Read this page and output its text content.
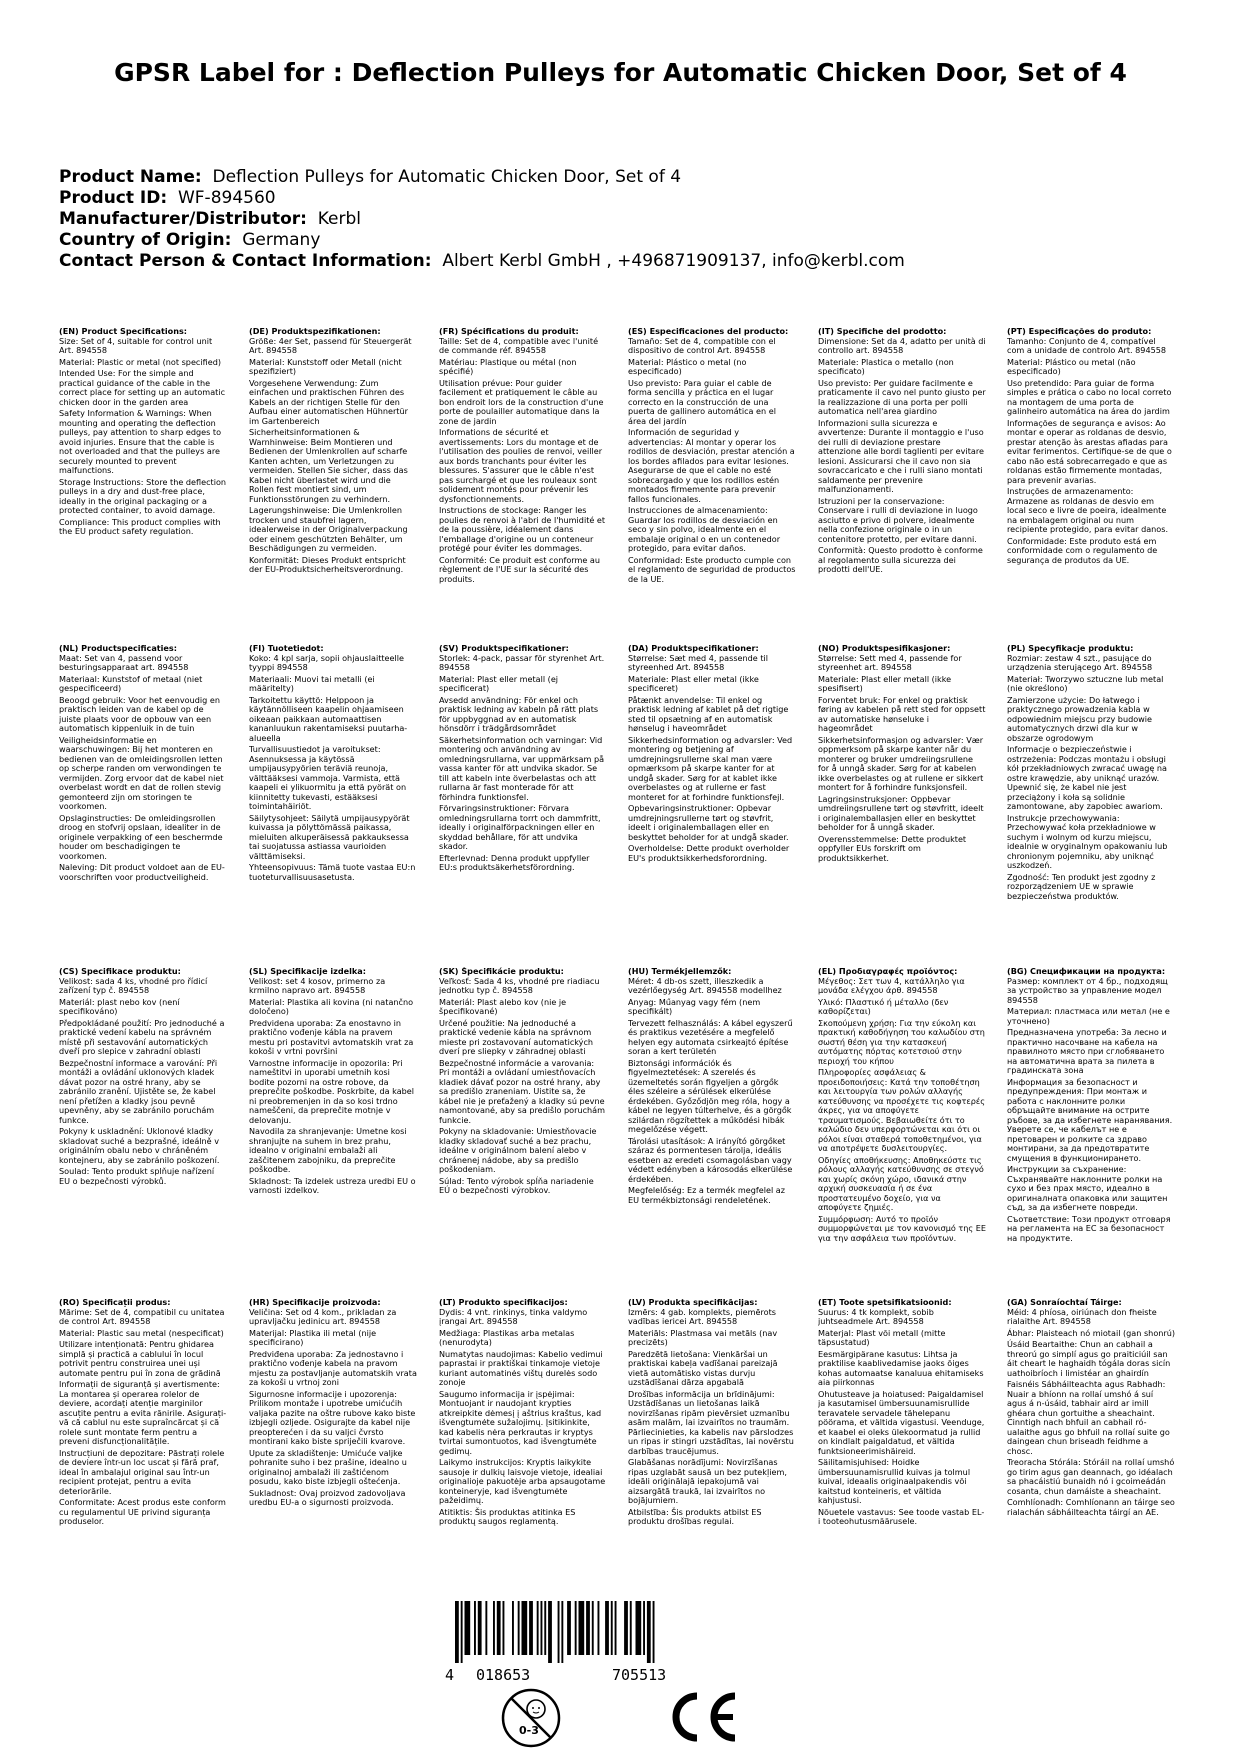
GPSR Label for : Deflection Pulleys for Automatic Chicken Door, Set of 4
Product Name: Deflection Pulleys for Automatic Chicken Door, Set of 4
Product ID: WF-894560
Manufacturer/Distributor: Kerbl
Country of Origin: Germany
Contact Person & Contact Information: Albert Kerbl GmbH , +496871909137, info@kerbl.com
(EN) Product Specifications:

Size: Set of 4, suitable for control unit Art. 894558

Material: Plastic or metal (not specified)

Intended Use: For the simple and practical guidance of the cable in the correct place for setting up an automatic chicken door in the garden area

Safety Information & Warnings: When mounting and operating the deflection pulleys, pay attention to sharp edges to avoid injuries. Ensure that the cable is not overloaded and that the pulleys are securely mounted to prevent malfunctions.

Storage Instructions: Store the deflection pulleys in a dry and dust-free place, ideally in the original packaging or a protected container, to avoid damage.

Compliance: This product complies with the EU product safety regulation.

(DE) Produktspezifikationen:

Größe: 4er Set, passend für Steuergerät Art. 894558

Material: Kunststoff oder Metall (nicht spezifiziert)

Vorgesehene Verwendung: Zum einfachen und praktischen Führen des Kabels an der richtigen Stelle für den Aufbau einer automatischen Hühnertür im Gartenbereich

Sicherheitsinformationen & Warnhinweise: Beim Montieren und Bedienen der Umlenkrollen auf scharfe Kanten achten, um Verletzungen zu vermeiden. Stellen Sie sicher, dass das Kabel nicht überlastet wird und die Rollen fest montiert sind, um Funktionsstörungen zu verhindern.

Lagerungshinweise: Die Umlenkrollen trocken und staubfrei lagern, idealerweise in der Originalverpackung oder einem geschützten Behälter, um Beschädigungen zu vermeiden.

Konformität: Dieses Produkt entspricht der EU-Produktsicherheitsverordnung.

(FR) Spécifications du produit:

Taille: Set de 4, compatible avec l'unité de commande réf. 894558

Matériau: Plastique ou métal (non spécifié)

Utilisation prévue: Pour guider facilement et pratiquement le câble au bon endroit lors de la construction d'une porte de poulailler automatique dans la zone de jardin

Informations de sécurité et avertissements: Lors du montage et de l'utilisation des poulies de renvoi, veiller aux bords tranchants pour éviter les blessures. S'assurer que le câble n'est pas surchargé et que les rouleaux sont solidement montés pour prévenir les dysfonctionnements.

Instructions de stockage: Ranger les poulies de renvoi à l'abri de l'humidité et de la poussière, idéalement dans l'emballage d'origine ou un conteneur protégé pour éviter les dommages.

Conformité: Ce produit est conforme au règlement de l'UE sur la sécurité des produits.

(ES) Especificaciones del producto:

Tamaño: Set de 4, compatible con el dispositivo de control Art. 894558

Material: Plástico o metal (no especificado)

Uso previsto: Para guiar el cable de forma sencilla y práctica en el lugar correcto en la construcción de una puerta de gallinero automática en el área del jardín

Información de seguridad y advertencias: Al montar y operar los rodillos de desviación, prestar atención a los bordes afilados para evitar lesiones. Asegurarse de que el cable no esté sobrecargado y que los rodillos estén montados firmemente para prevenir fallos funcionales.

Instrucciones de almacenamiento: Guardar los rodillos de desviación en seco y sin polvo, idealmente en el embalaje original o en un contenedor protegido, para evitar daños.

Conformidad: Este producto cumple con el reglamento de seguridad de productos de la UE.

(IT) Specifiche del prodotto:

Dimensione: Set da 4, adatto per unità di controllo art. 894558

Materiale: Plastica o metallo (non specificato)

Uso previsto: Per guidare facilmente e praticamente il cavo nel punto giusto per la realizzazione di una porta per polli automatica nell'area giardino

Informazioni sulla sicurezza e avvertenze: Durante il montaggio e l'uso dei rulli di deviazione prestare attenzione alle bordi taglienti per evitare lesioni. Assicurarsi che il cavo non sia sovraccaricato e che i rulli siano montati saldamente per prevenire malfunzionamenti.

Istruzioni per la conservazione: Conservare i rulli di deviazione in luogo asciutto e privo di polvere, idealmente nella confezione originale o in un contenitore protetto, per evitare danni.

Conformità: Questo prodotto è conforme al regolamento sulla sicurezza dei prodotti dell'UE.

(PT) Especificações do produto:

Tamanho: Conjunto de 4, compatível com a unidade de controlo Art. 894558

Material: Plástico ou metal (não especificado)

Uso pretendido: Para guiar de forma simples e prática o cabo no local correto na montagem de uma porta de galinheiro automática na área do jardim

Informações de segurança e avisos: Ao montar e operar as roldanas de desvio, prestar atenção às arestas afiadas para evitar ferimentos. Certifique-se de que o cabo não está sobrecarregado e que as roldanas estão firmemente montadas, para prevenir avarias.

Instruções de armazenamento: Armazene as roldanas de desvio em local seco e livre de poeira, idealmente na embalagem original ou num recipiente protegido, para evitar danos.

Conformidade: Este produto está em conformidade com o regulamento de segurança de produtos da UE.

(NL) Productspecificaties:

Maat: Set van 4, passend voor besturingsapparaat art. 894558

Materiaal: Kunststof of metaal (niet gespecificeerd)

Beoogd gebruik: Voor het eenvoudig en praktisch leiden van de kabel op de juiste plaats voor de opbouw van een automatisch kippenluik in de tuin

Veiligheidsinformatie en waarschuwingen: Bij het monteren en bedienen van de omleidingsrollen letten op scherpe randen om verwondingen te vermijden. Zorg ervoor dat de kabel niet overbelast wordt en dat de rollen stevig gemonteerd zijn om storingen te voorkomen.

Opslaginstructies: De omleidingsrollen droog en stofvrij opslaan, idealiter in de originele verpakking of een beschermde houder om beschadigingen te voorkomen.

Naleving: Dit product voldoet aan de EU-voorschriften voor productveiligheid.

(FI) Tuotetiedot:

Koko: 4 kpl sarja, sopii ohjauslaitteelle tyyppi 894558

Materiaali: Muovi tai metalli (ei määritelty)

Tarkoitettu käyttö: Helppoon ja käytännölliseen kaapelin ohjaamiseen oikeaan paikkaan automaattisen kananluukun rakentamiseksi puutarha-alueella

Turvallisuustiedot ja varoitukset: Asennuksessa ja käytössä umpijausypyörien teräviä reunoja, välttääksesi vammoja. Varmista, että kaapeli ei ylikuormitu ja että pyörät on kiinnitetty tukevasti, estääksesi toimintahäiriöt.

Säilytysohjeet: Säilytä umpijausypyörät kuivassa ja pölyttömässä paikassa, mieluiten alkuperäisessä pakkauksessa tai suojatussa astiassa vaurioiden välttämiseksi.

Yhteensopivuus: Tämä tuote vastaa EU:n tuoteturvallisuusasetusta.

(SV) Produktspecifikationer:

Storlek: 4-pack, passar för styrenhet Art. 894558

Material: Plast eller metall (ej specificerat)

Avsedd användning: För enkel och praktisk ledning av kabeln på rätt plats för uppbyggnad av en automatisk hönsdörr i trädgårdsområdet

Säkerhetsinformation och varningar: Vid montering och användning av omledningsrullarna, var uppmärksam på vassa kanter för att undvika skador. Se till att kabeln inte överbelastas och att rullarna är fast monterade för att förhindra funktionsfel.

Förvaringsinstruktioner: Förvara omledningsrullarna torrt och dammfritt, ideally i originalförpackningen eller en skyddad behållare, för att undvika skador.

Efterlevnad: Denna produkt uppfyller EU:s produktsäkerhetsförordning.

(DA) Produktspecifikationer:

Størrelse: Sæt med 4, passende til styreenhed Art. 894558

Materiale: Plast eller metal (ikke specificeret)

Påtænkt anvendelse: Til enkel og praktisk ledning af kablet på det rigtige sted til opsætning af en automatisk hønselug i haveområdet

Sikkerhedsinformation og advarsler: Ved montering og betjening af umdrejningsrullerne skal man være opmærksom på skarpe kanter for at undgå skader. Sørg for at kablet ikke overbelastes og at rullerne er fast monteret for at forhindre funktionsfejl.

Opbevaringsinstruktioner: Opbevar umdrejningsrullerne tørt og støvfrit, ideelt i originalemballagen eller en beskyttet beholder for at undgå skader.

Overholdelse: Dette produkt overholder EU's produktsikkerhedsforordning.

(NO) Produktspesifikasjoner:

Størrelse: Sett med 4, passende for styreenhet art. 894558

Materiale: Plast eller metall (ikke spesifisert)

Forventet bruk: For enkel og praktisk føring av kabelen på rett sted for oppsett av automatiske hønseluke i hageområdet

Sikkerhetsinformasjon og advarsler: Vær oppmerksom på skarpe kanter når du monterer og bruker umdreiingsrullene for å unngå skader. Sørg for at kabelen ikke overbelastes og at rullene er sikkert montert for å forhindre funksjonsfeil.

Lagringsinstruksjoner: Oppbevar umdreiingsrullene tørt og støvfritt, ideelt i originalemballasjen eller en beskyttet beholder for å unngå skader.

Overensstemmelse: Dette produktet oppfyller EUs forskrift om produktsikkerhet.

(PL) Specyfikacje produktu:

Rozmiar: zestaw 4 szt., pasujące do urządzenia sterującego Art. 894558

Materiał: Tworzywo sztuczne lub metal (nie określono)

Zamierzone użycie: Do łatwego i praktycznego prowadzenia kabla w odpowiednim miejscu przy budowie automatycznych drzwi dla kur w obszarze ogrodowym

Informacje o bezpieczeństwie i ostrzeżenia: Podczas montażu i obsługi kół przekładniowych zwracać uwagę na ostre krawędzie, aby uniknąć urazów. Upewnić się, że kabel nie jest przeciążony i koła są solidnie zamontowane, aby zapobiec awariom.

Instrukcje przechowywania: Przechowywać koła przekładniowe w suchym i wolnym od kurzu miejscu, idealnie w oryginalnym opakowaniu lub chronionym pojemniku, aby uniknąć uszkodzeń.

Zgodność: Ten produkt jest zgodny z rozporządzeniem UE w sprawie bezpieczeństwa produktów.

(CS) Specifikace produktu:

Velikost: sada 4 ks, vhodné pro řídicí zařízení typ č. 894558

Materiál: plast nebo kov (není specifikováno)

Předpokládané použití: Pro jednoduché a praktické vedení kabelu na správném místě při sestavování automatických dveří pro slepice v zahradní oblasti

Bezpečnostní informace a varování: Při montáži a ovládání uklonových kladek dávat pozor na ostré hrany, aby se zabránilo zranění. Ujistěte se, že kabel není přetížen a kladky jsou pevně upevněny, aby se zabránilo poruchám funkce.

Pokyny k uskladnění: Uklonové kladky skladovat suché a bezprašné, ideálně v originálním obalu nebo v chráněném kontejneru, aby se zabránilo poškození.

Soulad: Tento produkt splňuje nařízení EU o bezpečnosti výrobků.

(SL) Specifikacije izdelka:

Velikost: set 4 kosov, primerno za krmilno napravo art. 894558

Material: Plastika ali kovina (ni natančno določeno)

Predvidena uporaba: Za enostavno in praktično vođenje kábla na pravem mestu pri postavitvi avtomatskih vrat za kokoši v vrtni površini

Varnostne informacije in opozorila: Pri nameštitvi in uporabi umetnih kosi bodite pozorni na ostre robove, da preprečite poškodbe. Poskrbite, da kabel ni preobremenjen in da so kosi trdno nameščeni, da preprečite motnje v delovanju.

Navodila za shranjevanje: Umetne kosi shranjujte na suhem in brez prahu, idealno v originalni embalaži ali zaščitenem zabojniku, da preprečite poškodbe.

Skladnost: Ta izdelek ustreza uredbi EU o varnosti izdelkov.

(SK) Špecifikácie produktu:

Veľkosť: Sada 4 ks, vhodné pre riadiacu jednotku typ č. 894558

Materiál: Plast alebo kov (nie je špecifikované)

Určené použitie: Na jednoduché a praktické vedenie kábla na správnom mieste pri zostavovaní automatických dverí pre sliepky v záhradnej oblasti

Bezpečnostné informácie a varovania: Pri montáži a ovládaní umiestňovacích kladiek dávať pozor na ostré hrany, aby sa predišlo zraneniam. Uistite sa, že kábel nie je preťažený a kladky sú pevne namontované, aby sa predišlo poruchám funkcie.

Pokyny na skladovanie: Umiestňovacie kladky skladovať suché a bez prachu, ideálne v originálnom balení alebo v chránenej nádobe, aby sa predišlo poškodeniam.

Súlad: Tento výrobok spĺňa nariadenie EÚ o bezpečnosti výrobkov.

(HU) Termékjellemzők:

Méret: 4 db-os szett, illeszkedik a vezérlőegység Art. 894558 modellhez

Anyag: Műanyag vagy fém (nem specifikált)

Tervezett felhasználás: A kábel egyszerű és praktikus vezetésére a megfelelő helyen egy automata csirkeajtó építése soran a kert területén

Biztonsági információk és figyelmeztetések: A szerelés és üzemeltetés során figyeljen a görgők éles széleire a sérülések elkerülése érdekében. Győződjön meg róla, hogy a kábel ne legyen túlterhelve, és a görgők szilárdan rögzítettek a működési hibák megelőzése végett.

Tárolási utasítások: A irányító görgőket száraz és pormentesen tárolja, ideális esetben az eredeti csomagolásban vagy védett edényben a károsodás elkerülése érdekében.

Megfelelőség: Ez a termék megfelel az EU termékbiztonsági rendeletének.

(EL) Προδιαγραφές προϊόντος:

Μέγεθος: Σετ των 4, κατάλληλο για μονάδα ελέγχου άρθ. 894558

Υλικό: Πλαστικό ή μέταλλο (δεν καθορίζεται)

Σκοπούμενη χρήση: Για την εύκολη και πρακτική καθοδήγηση του καλωδίου στη σωστή θέση για την κατασκευή αυτόματης πόρτας κοτετσιού στην περιοχή του κήπου

Πληροφορίες ασφάλειας & προειδοποιήσεις: Κατά την τοποθέτηση και λειτουργία των ρολών αλλαγής κατεύθυνσης να προσέχετε τις κοφτερές άκρες, για να αποφύγετε τραυματισμούς. Βεβαιωθείτε ότι το καλώδιο δεν υπερφορτώνεται και ότι οι ρόλοι είναι σταθερά τοποθετημένοι, για να αποτρέψετε δυσλειτουργίες.

Οδηγίες αποθήκευσης: Αποθηκεύστε τις ρόλους αλλαγής κατεύθυνσης σε στεγνό και χωρίς σκόνη χώρο, ιδανικά στην αρχική συσκευασία ή σε ένα προστατευμένο δοχείο, για να αποφύγετε ζημιές.

Συμμόρφωση: Αυτό το προϊόν συμμορφώνεται με τον κανονισμό της ΕΕ για την ασφάλεια των προϊόντων.

(BG) Спецификации на продукта:

Размер: комплект от 4 бр., подходящ за устройство за управление модел 894558

Материал: пластмаса или метал (не е уточнено)

Предназначена употреба: За лесно и практично насочване на кабела на правилното място при сглобяването на автоматична врата за пилета в градинската зона

Информация за безопасност и предупреждения: При монтаж и работа с наклонните ролки обръщайте внимание на острите ръбове, за да избегнете наранявания. Уверете се, че кабелът не е претоварен и ролките са здраво монтирани, за да предотвратите смущения в функционирането.

Инструкции за съхранение: Съхранявайте наклонните ролки на сухо и без прах място, идеално в оригиналната опаковка или защитен съд, за да избегнете повреди.

Съответствие: Този продукт отговаря на регламента на ЕС за безопасност на продуктите.

(RO) Specificații produs:

Mărime: Set de 4, compatibil cu unitatea de control Art. 894558

Material: Plastic sau metal (nespecificat)

Utilizare intenționată: Pentru ghidarea simplă și practică a cablului în locul potrivit pentru construirea unei uși automate pentru pui în zona de grădină

Informații de siguranță și avertismente: La montarea și operarea rolelor de deviere, acordați atenție marginilor ascuțite pentru a evita rănirile. Asigurați-vă că cablul nu este supraîncărcat și că rolele sunt montate ferm pentru a preveni disfuncționalitățile.

Instrucțiuni de depozitare: Păstrați rolele de deviere într-un loc uscat și fără praf, ideal în ambalajul original sau într-un recipient protejat, pentru a evita deteriorările.

Conformitate: Acest produs este conform cu regulamentul UE privind siguranța produselor.

(HR) Specifikacije proizvoda:

Veličina: Set od 4 kom., prikladan za upravljačku jedinicu art. 894558

Materijal: Plastika ili metal (nije specificirano)

Predviđena uporaba: Za jednostavno i praktično vođenje kabela na pravom mjestu za postavljanje automatskih vrata za kokoši u vrtnoj zoni

Sigurnosne informacije i upozorenja: Prilikom montaže i upotrebe umićućih valjaka pazite na oštre rubove kako biste izbjegli ozljede. Osigurajte da kabel nije preopterećen i da su valjci čvrsto montirani kako biste spriječili kvarove.

Upute za skladištenje: Umićuće valjke pohranite suho i bez prašine, idealno u originalnoj ambalaži ili zaštićenom posudu, kako biste izbjegli oštećenja.

Sukladnost: Ovaj proizvod zadovoljava uredbu EU-a o sigurnosti proizvoda.

(LT) Produkto specifikacijos:

Dydis: 4 vnt. rinkinys, tinka valdymo įrangai Art. 894558

Medžiaga: Plastikas arba metalas (nenurodyta)

Numatytas naudojimas: Kabelio vedimui paprastai ir praktiškai tinkamoje vietoje kuriant automatinės vištų durelės sodo zonoje

Saugumo informacija ir įspėjimai: Montuojant ir naudojant krypties atkreipkite dėmesį į aštrius kraštus, kad išvengtumėte sužalojimų. Įsitikinkite, kad kabelis nėra perkrautas ir kryptys tvirtai sumontuotos, kad išvengtumėte gedimų.

Laikymo instrukcijos: Kryptis laikykite sausoje ir dulkių laisvoje vietoje, idealiai originalioje pakuotėje arba apsaugotame konteineryje, kad išvengtumėte pažeidimų.

Atitiktis: Šis produktas atitinka ES produktų saugos reglamentą.

(LV) Produkta specifikācijas:

Izmērs: 4 gab. komplekts, piemērots vadības iericei Art. 894558

Materiāls: Plastmasa vai metāls (nav precizēts)

Paredzētā lietošana: Vienkāršai un praktiskai kabeļa vadīšanai pareizajā vietā automātisko vistas durvju uzstādīšanai dārza apgabalā

Drošības informācija un brīdinājumi: Uzstādīšanas un lietošanas laikā novirzīšanas ripām pievērsiet uzmanību asām malām, lai izvairītos no traumām. Pārliecinieties, ka kabelis nav pārslodzes un ripas ir stingri uzstādītas, lai novērstu darbības traucējumus.

Glabāšanas norādījumi: Novirzīšanas ripas uzglabāt sausā un bez putekļiem, ideāli oriģinālajā iepakojumā vai aizsargātā traukā, lai izvairītos no bojājumiem.

Atbilstība: Šis produkts atbilst ES produktu drošības regulai.

(ET) Toote spetsifikatsioonid:

Suurus: 4 tk komplekt, sobib juhtseadmele Art. 894558

Materjal: Plast või metall (mitte täpsustatud)

Eesmärgipärane kasutus: Lihtsa ja praktilise kaablivedamise jaoks õiges kohas automaatse kanaluua ehitamiseks aia piirkonnas

Ohutusteave ja hoiatused: Paigaldamisel ja kasutamisel ümbersuunamisrullide teravatele servadele tähelepanu pöörama, et vältida vigastusi. Veenduge, et kaabel ei oleks ülekoormatud ja rullid on kindlalt paigaldatud, et vältida funktsioneerimishäireid.

Säilitamisjuhised: Hoidke ümbersuunamisrullid kuivas ja tolmul kuival, ideaalis originaalpakendis või kaitstud konteineris, et vältida kahjustusi.

Nõuetele vastavus: See toode vastab EL-i tooteohutusmäärusele.

(GA) Sonraíochtaí Táirge:

Méid: 4 phíosa, oiriúnach don fheiste rialaithe Art. 894558

Ábhar: Plaisteach nó miotail (gan shonrú)

Úsáid Beartaithe: Chun an cabhail a threorú go simplí agus go praiticiúil san áit cheart le haghaidh tógála doras sicín uathoibríoch i limistéar an ghairdín

Faisnéis Sábháilteachta agus Rabhadh: Nuair a bhíonn na rollaí umshó á suí agus á n-úsáid, tabhair aird ar imill ghéara chun gortuithe a sheachaint. Cinntigh nach bhfuil an cabhail ró-ualaithe agus go bhfuil na rollaí suite go daingean chun briseadh feidhme a chosc.

Treoracha Stórála: Stóráil na rollaí umshó go tirim agus gan deannach, go idéalach sa phacáistiú bunaidh nó i gcoimeádán cosanta, chun damáiste a sheachaint.

Comhlíonadh: Comhlíonann an táirge seo rialachán sábháilteachta táirgí an AE.

4 018653	705513
0-3
